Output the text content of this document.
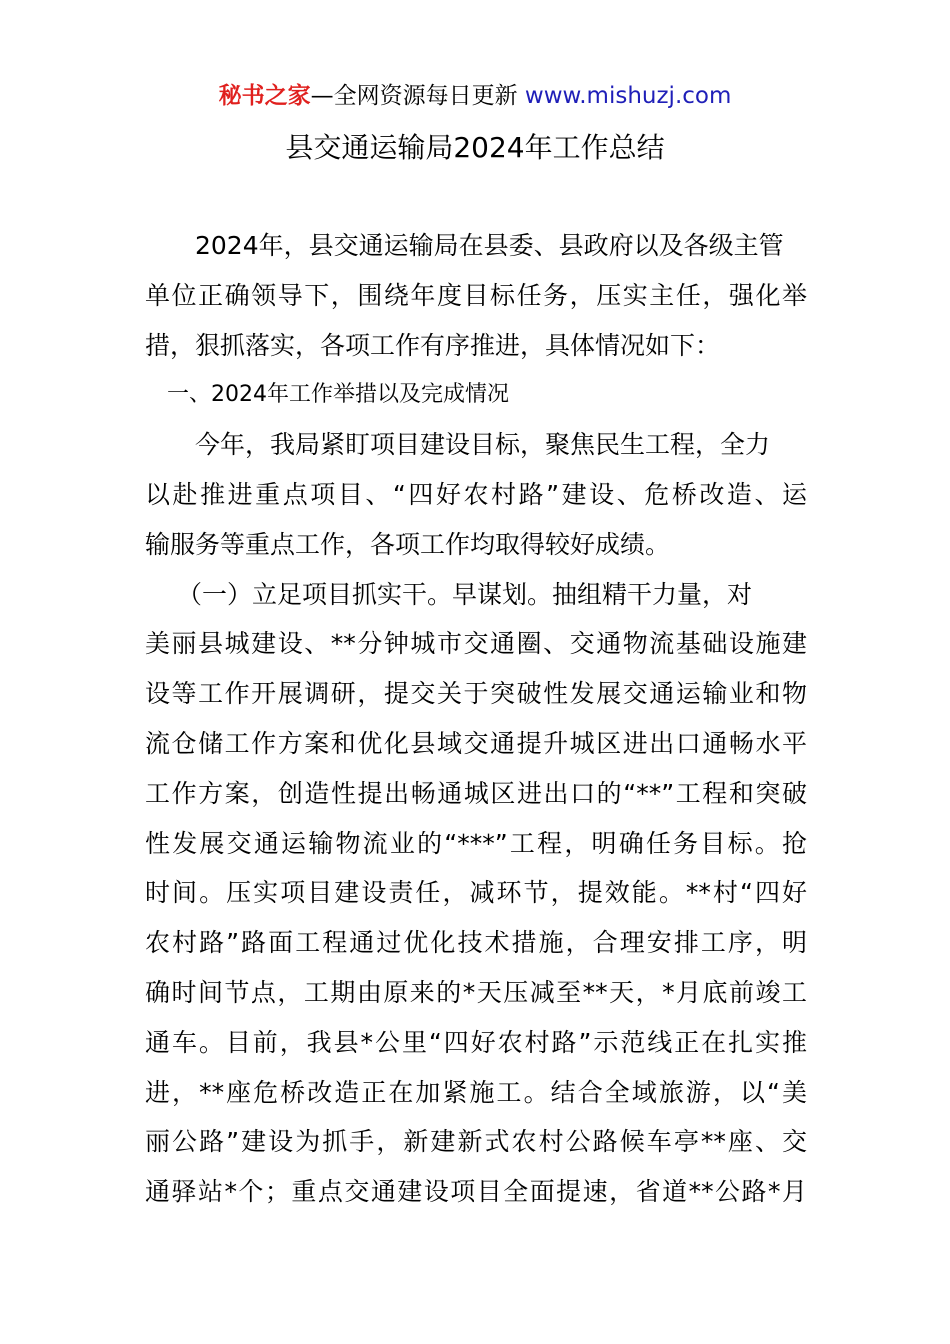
秘书之家—全网资源每日更新 www.mishuzj.com
县交通运输局2024年工作总结
2024年，县交通运输局在县委、县政府以及各级主管
单位正确领导下，围绕年度目标任务，压实主任，强化举
措，狠抓落实，各项工作有序推进，具体情况如下：
一、2024年工作举措以及完成情况
今年，我局紧盯项目建设目标，聚焦民生工程，全力
以赴推进重点项目、“四好农村路”建设、危桥改造、运
输服务等重点工作，各项工作均取得较好成绩。
（一）立足项目抓实干。早谋划。抽组精干力量，对
美丽县城建设、**分钟城市交通圈、交通物流基础设施建
设等工作开展调研，提交关于突破性发展交通运输业和物
流仓储工作方案和优化县域交通提升城区进出口通畅水平
工作方案，创造性提出畅通城区进出口的“**”工程和突破
性发展交通运输物流业的“***”工程，明确任务目标。抢
时间。压实项目建设责任，减环节，提效能。**村“四好
农村路”路面工程通过优化技术措施，合理安排工序，明
确时间节点，工期由原来的*天压减至**天，*月底前竣工
通车。目前，我县*公里“四好农村路”示范线正在扎实推
进，**座危桥改造正在加紧施工。结合全域旅游，以“美
丽公路”建设为抓手，新建新式农村公路候车亭**座、交
通驿站*个；重点交通建设项目全面提速，省道**公路*月
